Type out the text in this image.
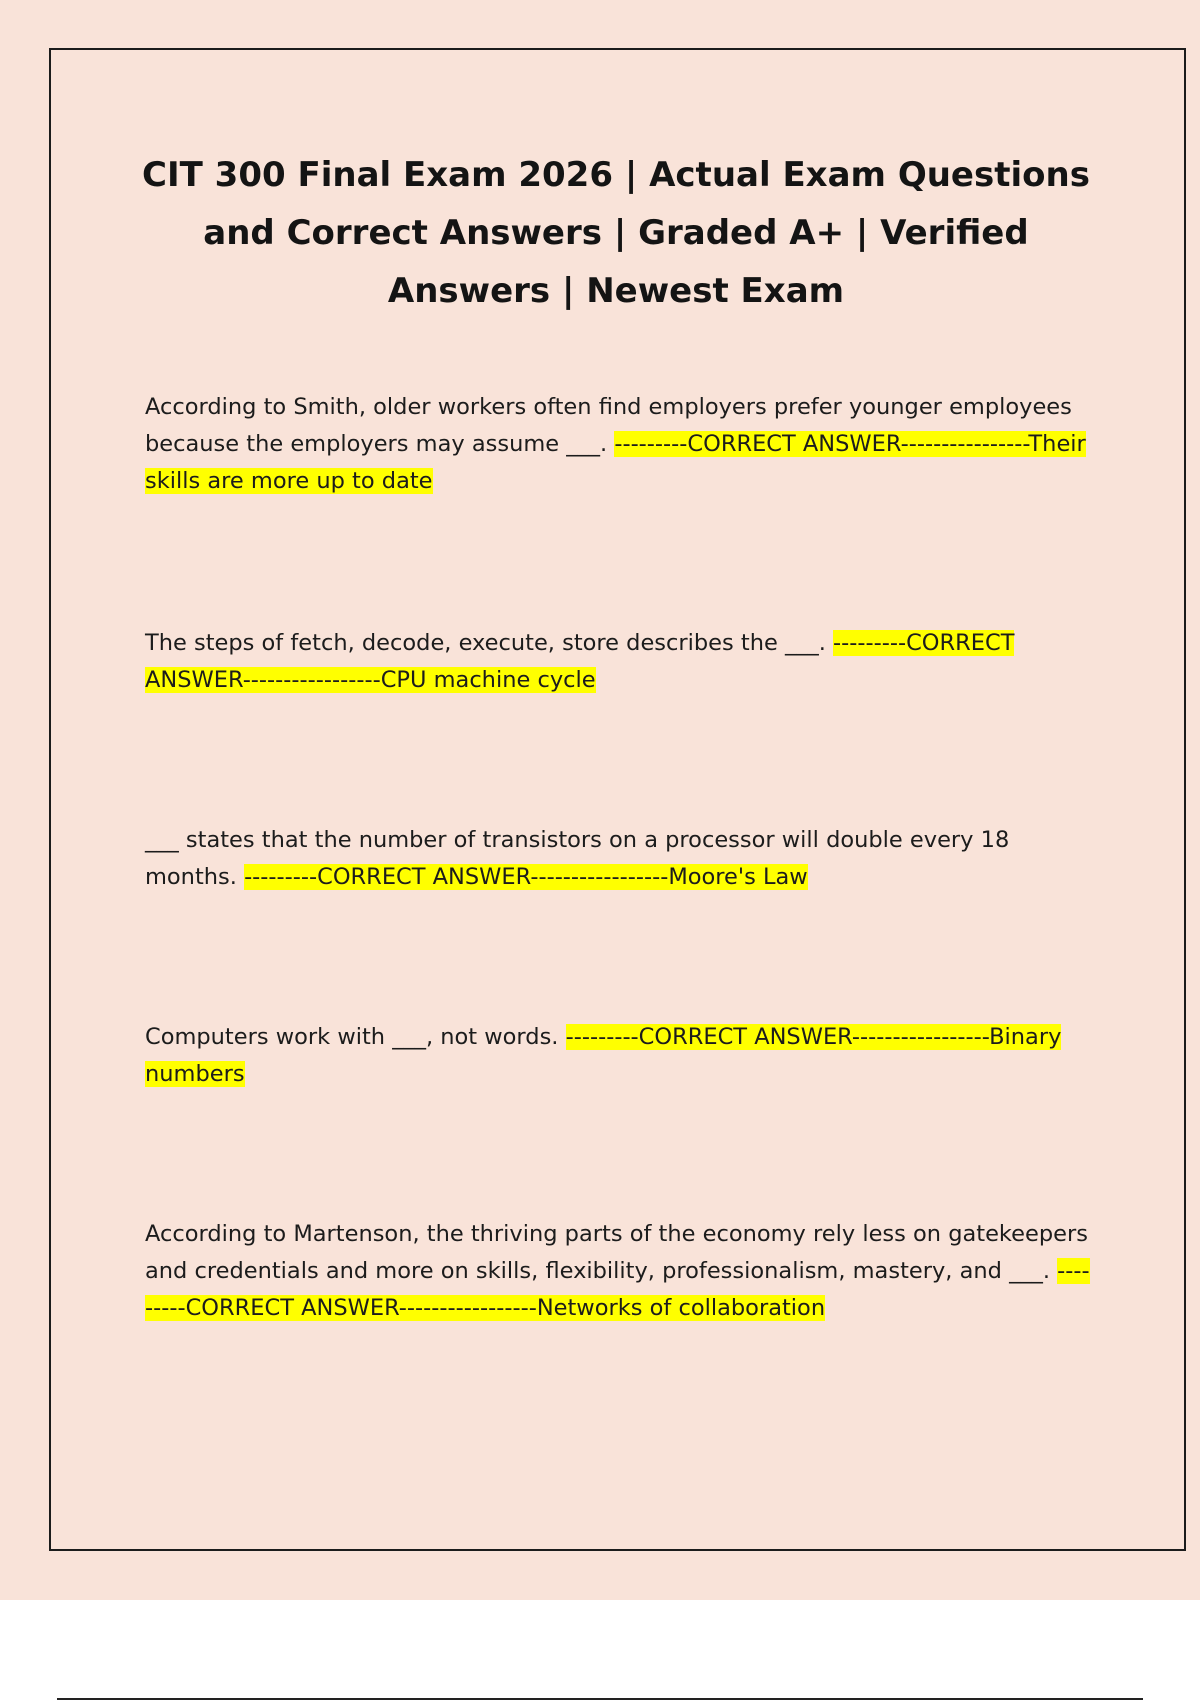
CIT 300 Final Exam 2026 | Actual Exam Questions and Correct Answers | Graded A+ | Verified Answers | Newest Exam

According to Smith, older workers often find employers prefer younger employees because the employers may assume ___. ---------CORRECT ANSWER----------------Their skills are more up to date

The steps of fetch, decode, execute, store describes the ___. ---------CORRECT ANSWER-----------------CPU machine cycle

___ states that the number of transistors on a processor will double every 18 months. ---------CORRECT ANSWER-----------------Moore's Law

Computers work with ___, not words. ---------CORRECT ANSWER-----------------Binary numbers

According to Martenson, the thriving parts of the economy rely less on gatekeepers and credentials and more on skills, flexibility, professionalism, mastery, and ___. ---------CORRECT ANSWER-----------------Networks of collaboration
